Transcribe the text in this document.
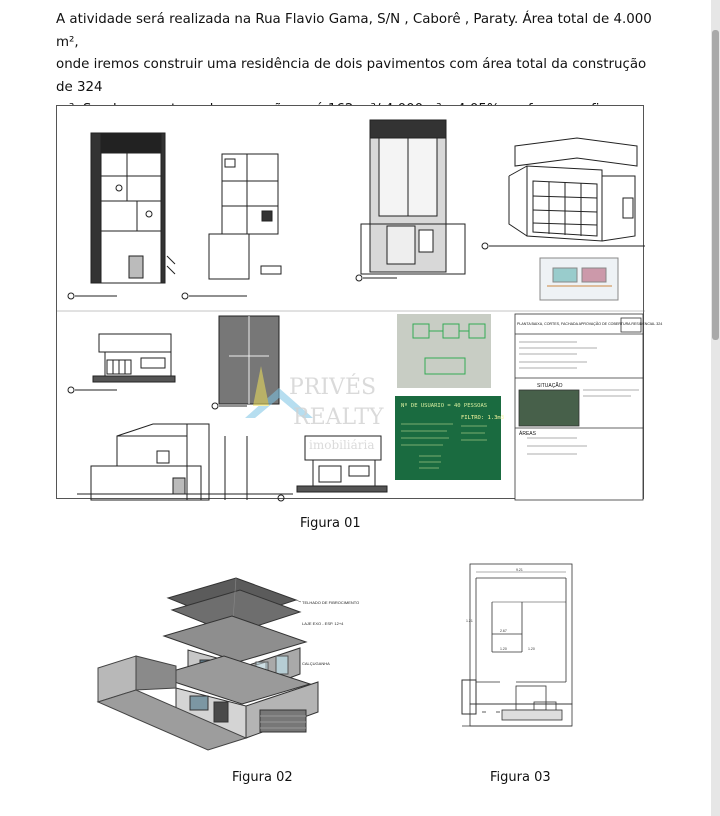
A atividade será realizada na Rua Flavio Gama, S/N , Caborê , Paraty. Área total de 4.000 m²,
onde iremos construir uma residência de dois pavimentos com área total da construção de 324
PRIVÉS
REALTY
imobiliária
Nº DE USUARIO = 40 PESSOAS
FILTRO: 1.3m3
PLANTA BAIXA, CORTES, FACHADA APROVAÇÃO DE COBERTURA RESIDENCIAL 324
SITUAÇÃO
ÁREAS
Figura 01
TELHADO DE FIBROCIMENTO
LAJE EXO - ESP. 12+4
CALÇUGANHA
Figura 02
9.21
1.21
2.67
1.20	1.20
Figura 03
